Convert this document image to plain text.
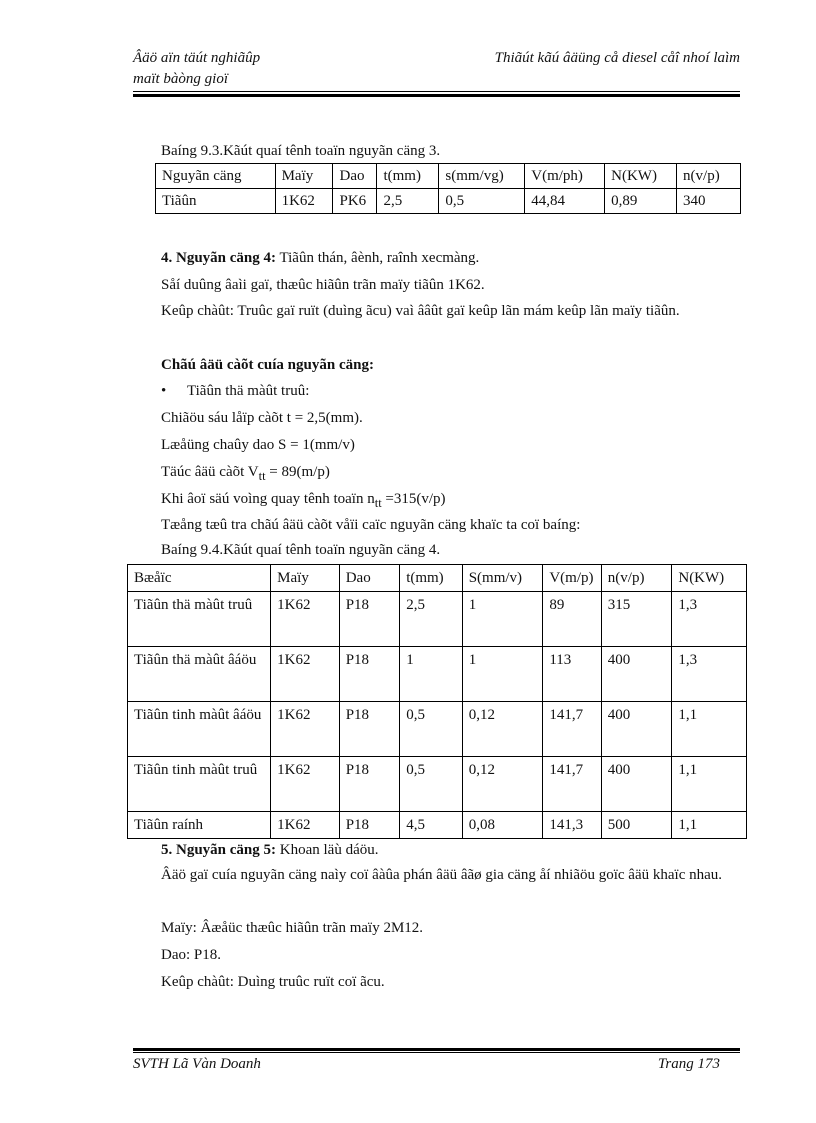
Âäö aïn täút nghiãûp
maït bàòng gioï
Thiãút kãú âäüng cå diesel cåî nhoí laìm
Baíng 9.3.Kãút quaí tênh toaïn nguyãn cäng 3.
Nguyãn cäng	Maïy	Dao	t(mm)	s(mm/vg)	V(m/ph)	N(KW)	n(v/p)
Tiãûn	1K62	PK6	2,5	0,5	44,84	0,89	340
4. Nguyãn cäng 4: Tiãûn thán, âènh, raînh xecmàng.
Såí duûng âaìi gaï, thæûc hiãûn trãn maïy tiãûn 1K62.
Keûp chàût: Truûc gaï ruït (duìng ãcu) vaì ââût gaï keûp lãn mám keûp lãn maïy tiãûn.
Chãú âäü càõt cuía nguyãn cäng:
• Tiãûn thä màût truû:
Chiãöu sáu låïp càõt t = 2,5(mm).
Læåüng chaûy dao S = 1(mm/v)
Täúc âäü càõt $V_{tt} = 89(m/p)$
Khi âoï säú voìng quay tênh toaïn $n_{tt} =315(v/p)$
Tæång tæû tra chãú âäü càõt våïi caïc nguyãn cäng khaïc ta coï baíng:
Baíng 9.4.Kãút quaí tênh toaïn nguyãn cäng 4.
Bæåïc	Maïy	Dao	t(mm)	S(mm/v)	V(m/p)	n(v/p)	N(KW)
Tiãûn thä màût truû	1K62	P18	2,5	1	89	315	1,3
Tiãûn thä màût âáöu	1K62	P18	1	1	113	400	1,3
Tiãûn tinh màût âáöu	1K62	P18	0,5	0,12	141,7	400	1,1
Tiãûn tinh màût truû	1K62	P18	0,5	0,12	141,7	400	1,1
Tiãûn raính	1K62	P18	4,5	0,08	141,3	500	1,1
5. Nguyãn cäng 5: Khoan läù dáöu.
Âäö gaï cuía nguyãn cäng naìy coï âàûa phán âäü âãø gia cäng åí nhiãöu goïc âäü khaïc nhau.
Maïy: Âæåüc thæûc hiãûn trãn maïy 2M12.
Dao: P18.
Keûp chàût: Duìng truûc ruït coï ãcu.
SVTH Lã Vàn Doanh	Trang 173
